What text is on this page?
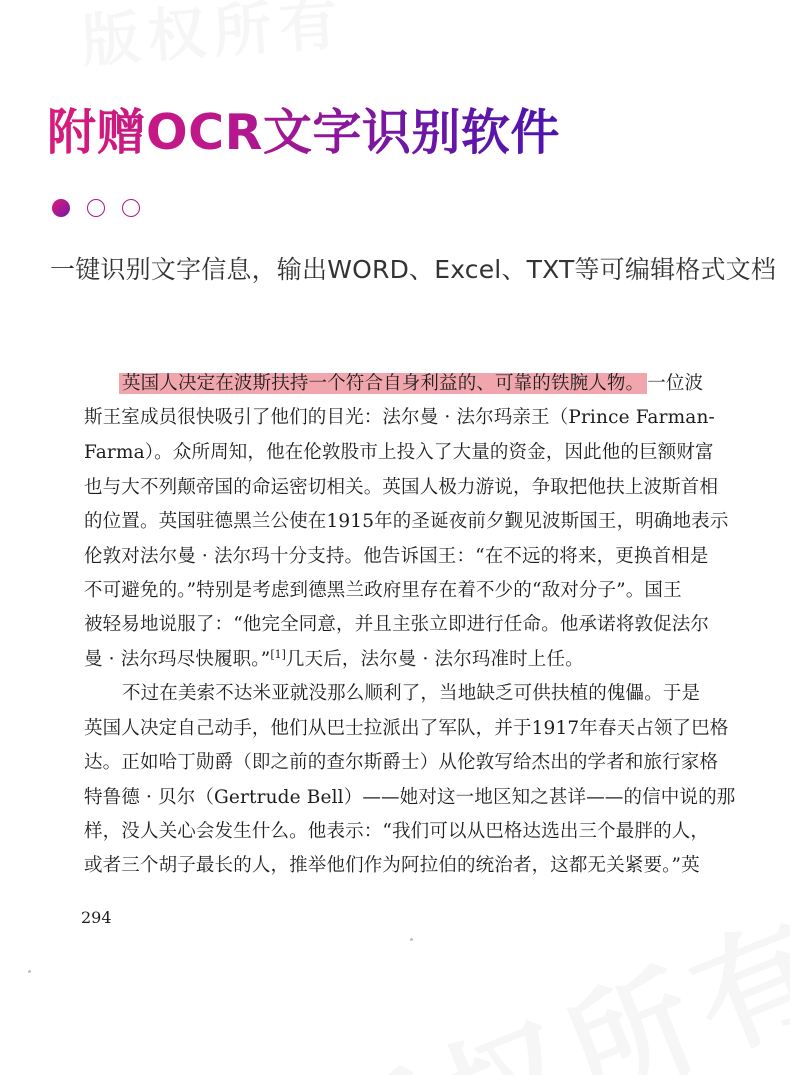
附赠OCR文字识别软件

一键识别文字信息，输出WORD、Excel、TXT等可编辑格式文档

英国人决定在波斯扶持一个符合自身利益的、可靠的铁腕人物。 一位波
斯王室成员很快吸引了他们的目光：法尔曼 · 法尔玛亲王（Prince Farman-
Farma）。众所周知，他在伦敦股市上投入了大量的资金，因此他的巨额财富
也与大不列颠帝国的命运密切相关。英国人极力游说，争取把他扶上波斯首相
的位置。英国驻德黑兰公使在1915年的圣诞夜前夕觐见波斯国王，明确地表示
伦敦对法尔曼 · 法尔玛十分支持。他告诉国王：“在不远的将来，更换首相是
不可避免的。”特别是考虑到德黑兰政府里存在着不少的“敌对分子”。国王
被轻易地说服了：“他完全同意，并且主张立即进行任命。他承诺将敦促法尔
曼 · 法尔玛尽快履职。”[1]几天后，法尔曼 · 法尔玛准时上任。
不过在美索不达米亚就没那么顺利了，当地缺乏可供扶植的傀儡。于是
英国人决定自己动手，他们从巴士拉派出了军队，并于1917年春天占领了巴格
达。正如哈丁勋爵（即之前的查尔斯爵士）从伦敦写给杰出的学者和旅行家格
特鲁德 · 贝尔（Gertrude Bell）——她对这一地区知之甚详——的信中说的那
样，没人关心会发生什么。他表示：“我们可以从巴格达选出三个最胖的人，
或者三个胡子最长的人，推举他们作为阿拉伯的统治者，这都无关紧要。”英
294
